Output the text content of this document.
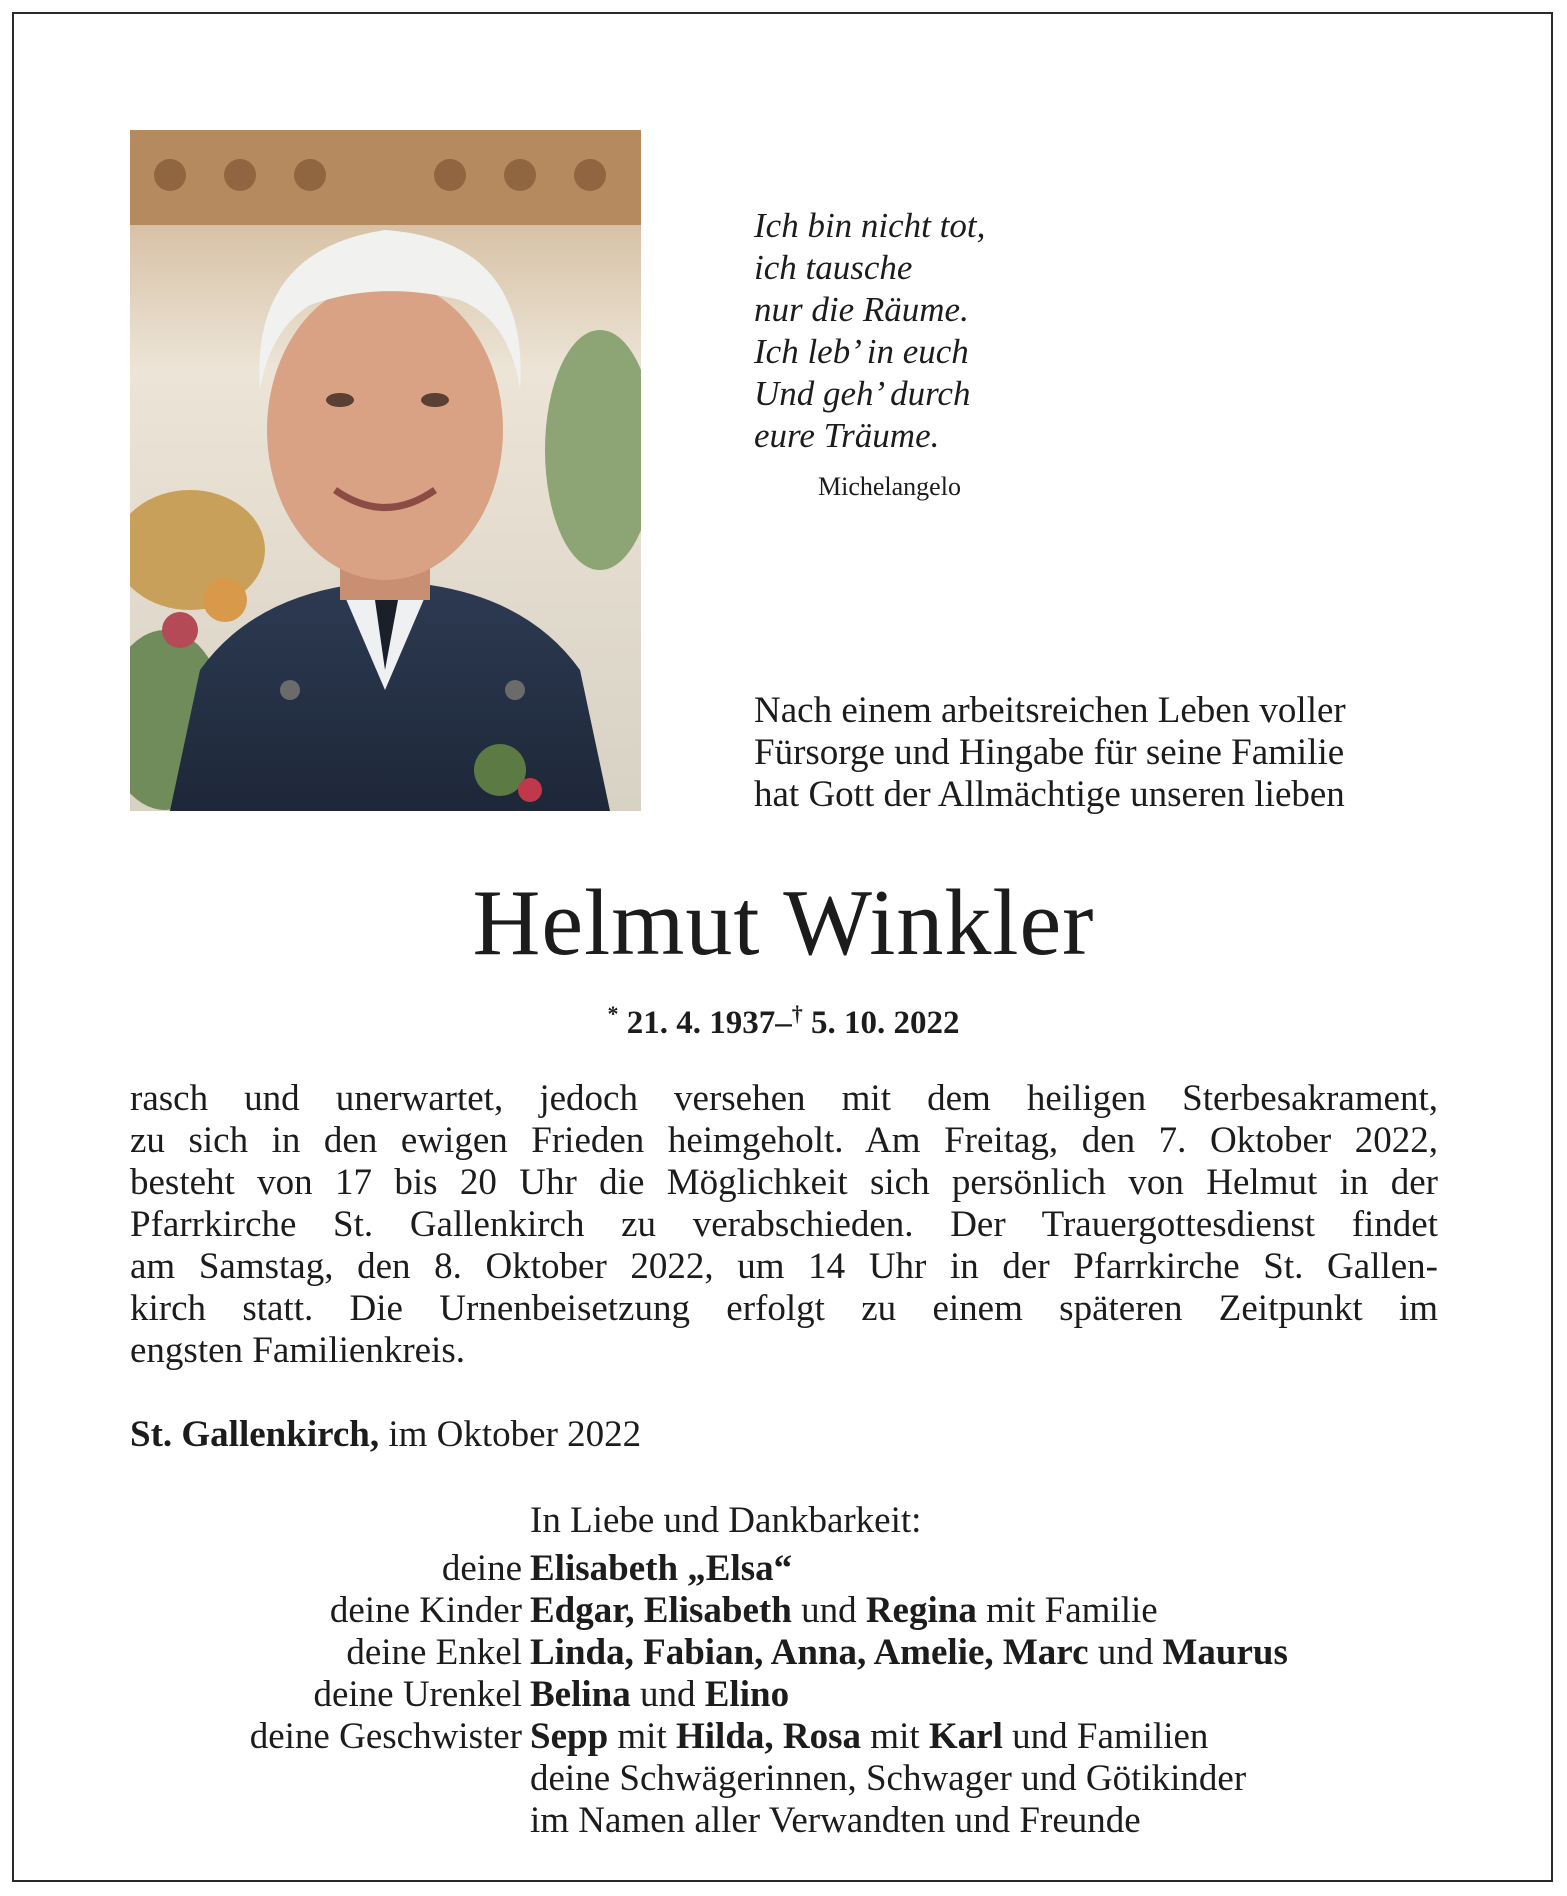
Ich bin nicht tot,
ich tausche
nur die Räume.
Ich leb’ in euch
Und geh’ durch
eure Träume.
Michelangelo
Nach einem arbeitsreichen Leben voller
Fürsorge und Hingabe für seine Familie
hat Gott der Allmächtige unseren lieben
Helmut Winkler
* 21. 4. 1937–† 5. 10. 2022
rasch und unerwartet, jedoch versehen mit dem heiligen Sterbesakrament,
zu sich in den ewigen Frieden heimgeholt. Am Freitag, den 7. Oktober 2022,
besteht von 17 bis 20 Uhr die Möglichkeit sich persönlich von Helmut in der
Pfarrkirche St. Gallenkirch zu verabschieden. Der Trauergottesdienst findet
am Samstag, den 8. Oktober 2022, um 14 Uhr in der Pfarrkirche St. Gallen-
kirch statt. Die Urnenbeisetzung erfolgt zu einem späteren Zeitpunkt im
engsten Familienkreis.
St. Gallenkirch, im Oktober 2022
In Liebe und Dankbarkeit:
deine Elisabeth „Elsa“
deine Kinder Edgar, Elisabeth und Regina mit Familie
deine Enkel Linda, Fabian, Anna, Amelie, Marc und Maurus
deine Urenkel Belina und Elino
deine Geschwister Sepp mit Hilda, Rosa mit Karl und Familien
deine Schwägerinnen, Schwager und Götikinder
im Namen aller Verwandten und Freunde
